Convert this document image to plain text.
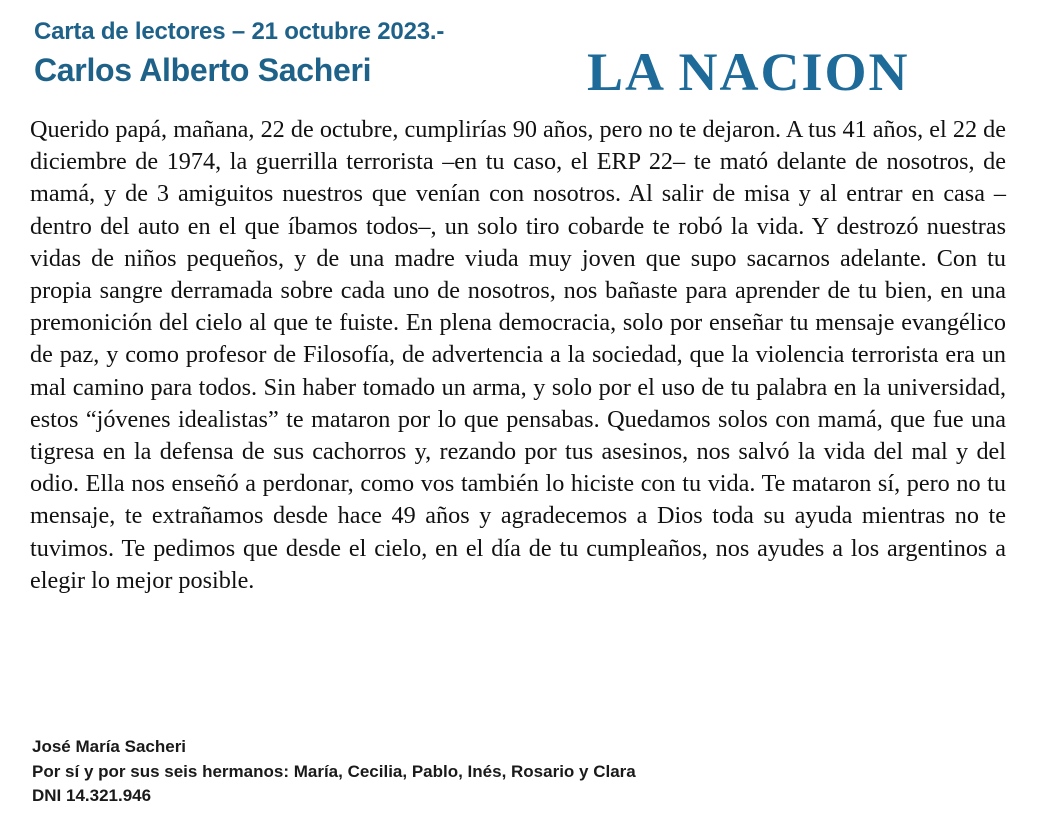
Carta de lectores – 21 octubre 2023.-
Carlos Alberto Sacheri	LA NACION

Querido papá, mañana, 22 de octubre, cumplirías 90 años, pero no te dejaron. A tus 41 años, el 22 de diciembre de 1974, la guerrilla terrorista –en tu caso, el ERP 22– te mató delante de nosotros, de mamá, y de 3 amiguitos nuestros que venían con nosotros. Al salir de misa y al entrar en casa –dentro del auto en el que íbamos todos–, un solo tiro cobarde te robó la vida. Y destrozó nuestras vidas de niños pequeños, y de una madre viuda muy joven que supo sacarnos adelante. Con tu propia sangre derramada sobre cada uno de nosotros, nos bañaste para aprender de tu bien, en una premonición del cielo al que te fuiste. En plena democracia, solo por enseñar tu mensaje evangélico de paz, y como profesor de Filosofía, de advertencia a la sociedad, que la violencia terrorista era un mal camino para todos. Sin haber tomado un arma, y solo por el uso de tu palabra en la universidad, estos “jóvenes idealistas” te mataron por lo que pensabas. Quedamos solos con mamá, que fue una tigresa en la defensa de sus cachorros y, rezando por tus asesinos, nos salvó la vida del mal y del odio. Ella nos enseñó a perdonar, como vos también lo hiciste con tu vida. Te mataron sí, pero no tu mensaje, te extrañamos desde hace 49 años y agradecemos a Dios toda su ayuda mientras no te tuvimos. Te pedimos que desde el cielo, en el día de tu cumpleaños, nos ayudes a los argentinos a elegir lo mejor posible.

José María Sacheri
Por sí y por sus seis hermanos: María, Cecilia, Pablo, Inés, Rosario y Clara
DNI 14.321.946
